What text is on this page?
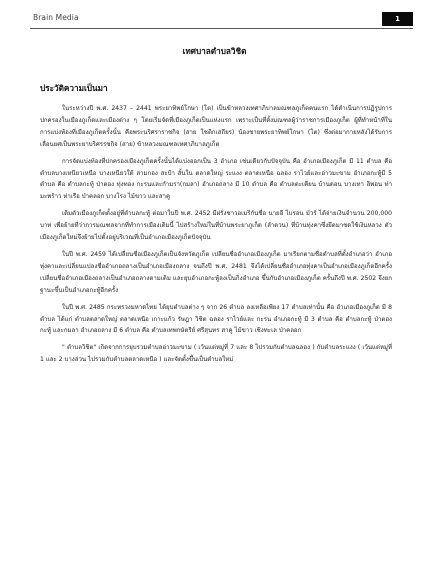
Brain Media	1
เทศบาลตำบลวิชิต
ประวัติความเป็นมา

ในระหว่างปี พ.ศ. 2437 – 2441 พระยาทิพย์โกษา (โต) เป็นข้าหลวงเทศาภิบาลมณฑลภูเก็ตคนแรก ได้ดำเนินการปฏิรูปการปกครองในเมืองภูเก็ตและเมืองต่าง ๆ โดยเริ่มจัดที่เมืองภูเก็ตเป็นแห่งแรก เพราะเป็นที่ตั้งมณฑลผู้ว่าราชการเมืองภูเก็ต ผู้ที่ทำหน้าที่ในการแบ่งท้องที่เมืองภูเก็ตครั้งนั้น คือพระนริศราราชกิจ (สาย โชติกเสถียร) น้องชายพระยาทิพย์โกษา (โต) ซึ่งต่อมากายหลังได้รับการเลื่อนยศเป็นพระยาบริศรรชกิจ (สาย) ข้าหลวงมณฑลเทศาภิบาลภูเก็ต

การจัดแบ่งท้องที่ปกครองเมืองภูเก็ตครั้งนั้นได้แบ่งออกเป็น 3 อำเภอ เช่นเดียวกับปัจจุบัน คือ อำเภอเมืองภูเก็ต มี 11 ตำบล คือ ตำบลบางเหนียวเหนือ บางเหนียวใต้ สามกอง สะป้า สั้นใน ตลาดใหญ่ ระแงง ตลาดเหนือ ฉลอง ราไวย์และอ่าวมะขาม อำเภอกะทู้มี 5 ตำบล คือ ตำบลกะทู้ ป่าตอง ทุ่งทอง กะรนและกำมรา(กมลา) อำเภอถลาง มี 10 ตำบล คือ ตำบลตะเคียน บ้านดอน บางเทา ลิพอน ท่ามะพร้าว ท่าเรือ ป่าคลอก บางโรง ไม้ขาว และสาคู

เดิมตัวเมืองภูเก็ตตั้งอยู่ที่ตำบลกะทู้ ต่อมาในปี พ.ศ. 2452 มีฝรั่งชาวอเมริกันชื่อ นายอี ไบรอน มัวร์ ได้จ่ายเงินจำนวน 200,000 บาท เพื่อย้ายที่ว่าการมณฑลจากที่ทำการเมืองเดิมนี้ ไปสร้างใหม่ในที่บ้านพระยาภูเก็ต (ลำดวน) ที่บ้านทุ่งคาซึ่งยึดมาชดใช้เงินหลวง ตัวเมืองภูเก็ตใหม่จึงย้ายไปตั้งอยู่บริเวณที่เป็นอำเภอเมืองภูเก็ตปัจจุบัน

ในปี พ.ศ. 2459 ได้เปลี่ยนชื่อเมืองภูเก็ตเป็นจังหวัดภูเก็ต เปลี่ยนชื่ออำเภอเมืองภูเก็ต มาเรียกตามชื่อตำบลที่ตั้งอำเภอว่า อำเภอทุ่งคาและเปลี่ยนแปลงชื่ออำเภอถลางเป็นอำเภอเมืองถลาง จนถึงปี พ.ศ. 2481 จึงได้เปลี่ยนชื่ออำเภอทุ่งคาเป็นอำเภอเมืองภูเก็ตอีกครั้ง เปลี่ยนชื่ออำเภอเมืองถลางเป็นอำเภอถลางตามเดิม และยุบอำเภอกะทู้ลงเป็นกิ่งอำเภอ ขึ้นกับอำเภอเมืองภูเก็ต ครั้นถึงปี พ.ศ. 2502 จึงยกฐานะขึ้นเป็นอำเภอกะทู้อีกครั้ง

ในปี พ.ศ. 2485 กระทรวงมหาดไทย ได้ยุบตำบลต่าง ๆ จาก 26 ตำบล ลงเหลือเพียง 17 ตำบลเท่านั้น คือ อำเภอเมืองภูเก็ต มี 8 ตำบล ได้แก่ ตำบลตลาดใหญ่ ตลาดเหนือ เกาะแก้ว รัษฎา วิชิต ฉลอง ราไวย์และ กะรน อำเภอกะทู้ มี 3 ตำบล คือ ตำบลกะทู้ ป่าตอง กะทู้ และกมลา อำเภอถลาง มี 6 ตำบล คือ ตำบลเทพกษัตรีย์ ศรีสุนทร สาคู ไม้ขาว เชิงทะเล ป่าคลอก

" ตำบลวิชิต" เกิดจากการยุบรวมตำบลอ่าวมะขาม ( เว้นแต่หมู่ที่ 7 และ 8 ไปรวมกับตำบลฉลอง ) กับตำบลระแงง ( เว้นแต่หมู่ที่ 1 และ 2 บางส่วน ไปรวมกับตำบลตลาดเหนือ ) และจัดตั้งขึ้นเป็นตำบลใหม่
